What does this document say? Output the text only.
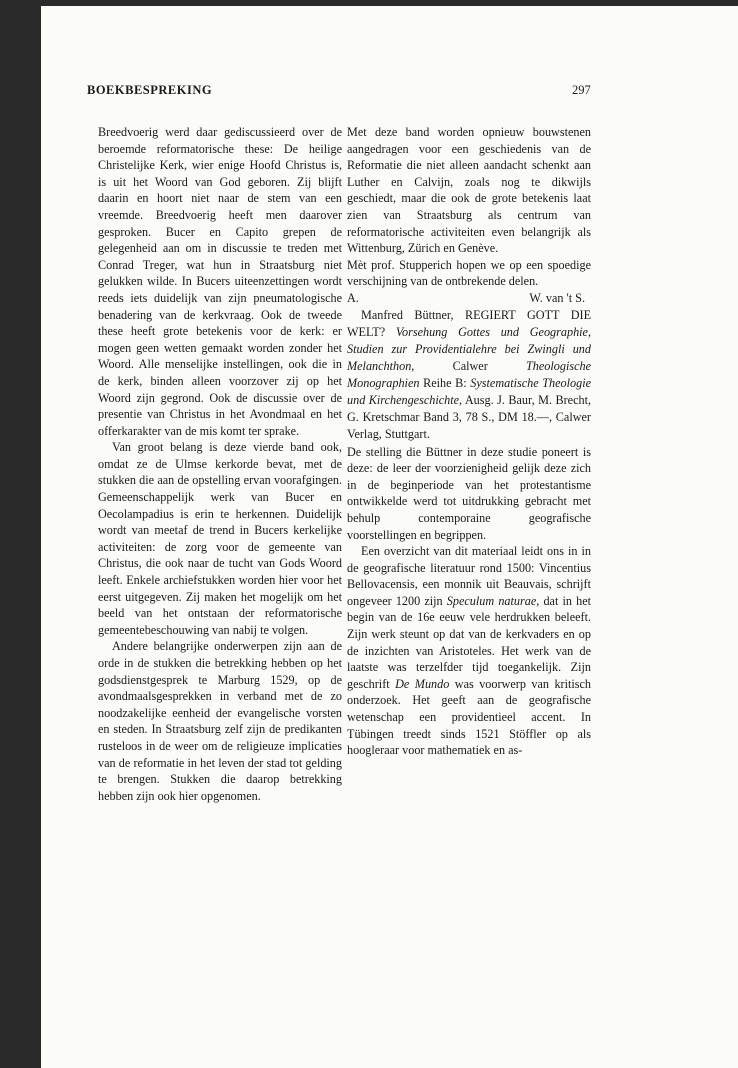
BOEKBESPREKING	297

Breedvoerig werd daar gediscussieerd over de beroemde reformatorische these: De heilige Christelijke Kerk, wier enige Hoofd Christus is, is uit het Woord van God geboren. Zij blijft daarin en hoort niet naar de stem van een vreemde. Breedvoerig heeft men daarover gesproken. Bucer en Capito grepen de gelegenheid aan om in discussie te treden met Conrad Treger, wat hun in Straatsburg niet gelukken wilde. In Bucers uiteenzettingen wordt reeds iets duidelijk van zijn pneumatologische benadering van de kerkvraag. Ook de tweede these heeft grote betekenis voor de kerk: er mogen geen wetten gemaakt worden zonder het Woord. Alle menselijke instellingen, ook die in de kerk, binden alleen voorzover zij op het Woord zijn gegrond. Ook de discussie over de presentie van Christus in het Avondmaal en het offerkarakter van de mis komt ter sprake.

Van groot belang is deze vierde band ook, omdat ze de Ulmse kerkorde bevat, met de stukken die aan de opstelling ervan voorafgingen. Gemeenschappelijk werk van Bucer en Oecolampadius is erin te herkennen. Duidelijk wordt van meetaf de trend in Bucers kerkelijke activiteiten: de zorg voor de gemeente van Christus, die ook naar de tucht van Gods Woord leeft. Enkele archiefstukken worden hier voor het eerst uitgegeven. Zij maken het mogelijk om het beeld van het ontstaan der reformatorische gemeentebeschouwing van nabij te volgen.

Andere belangrijke onderwerpen zijn aan de orde in de stukken die betrekking hebben op het godsdienstgesprek te Marburg 1529, op de avondmaalsgesprekken in verband met de zo noodzakelijke eenheid der evangelische vorsten en steden. In Straatsburg zelf zijn de predikanten rusteloos in de weer om de religieuze implicaties van de reformatie in het leven der stad tot gelding te brengen. Stukken die daarop betrekking hebben zijn ook hier opgenomen.

Met deze band worden opnieuw bouwstenen aangedragen voor een geschiedenis van de Reformatie die niet alleen aandacht schenkt aan Luther en Calvijn, zoals nog te dikwijls geschiedt, maar die ook de grote betekenis laat zien van Straatsburg als centrum van reformatorische activiteiten even belangrijk als Wittenburg, Zürich en Genève.

Mèt prof. Stupperich hopen we op een spoedige verschijning van de ontbrekende delen.

A.	W. van 't S.

Manfred Büttner, REGIERT GOTT DIE WELT? Vorsehung Gottes und Geographie, Studien zur Providentialehre bei Zwingli und Melanchthon,	Calwer	Theologische Monographien Reihe B: Systematische Theologie und Kirchengeschichte, Ausg. J. Baur, M. Brecht, G. Kretschmar Band 3, 78 S., DM 18.—, Calwer Verlag, Stuttgart.

De stelling die Büttner in deze studie poneert is deze: de leer der voorzienigheid gelijk deze zich in de beginperiode van het protestantisme ontwikkelde werd tot uitdrukking gebracht met behulp contemporaine geografische voorstellingen en begrippen.

Een overzicht van dit materiaal leidt ons in in de geografische literatuur rond 1500: Vincentius Bellovacensis, een monnik uit Beauvais, schrijft ongeveer 1200 zijn Speculum naturae, dat in het begin van de 16e eeuw vele herdrukken beleeft. Zijn werk steunt op dat van de kerkvaders en op de inzichten van Aristoteles. Het werk van de laatste was terzelfder tijd toegankelijk. Zijn geschrift De Mundo was voorwerp van kritisch onderzoek. Het geeft aan de geografische wetenschap een providentieel accent. In Tübingen treedt sinds 1521 Stöffler op als hoogleraar voor mathematiek en as-
